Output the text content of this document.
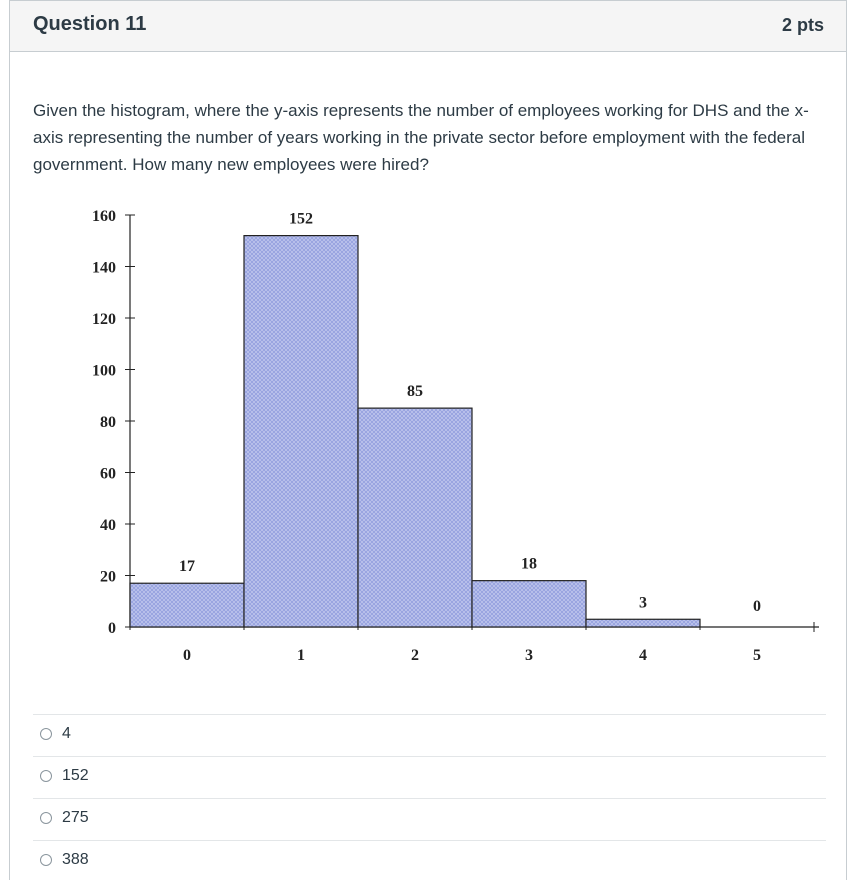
Question 11	2 pts
Given the histogram, where the y-axis represents the number of employees working for DHS and the x-axis representing the number of years working in the private sector before employment with the federal government. How many new employees were hired?
0
20
40
60
80
100
120
140
160
0
17
1
152
2
85
3
18
4
3
5
0
4
152
275
388
